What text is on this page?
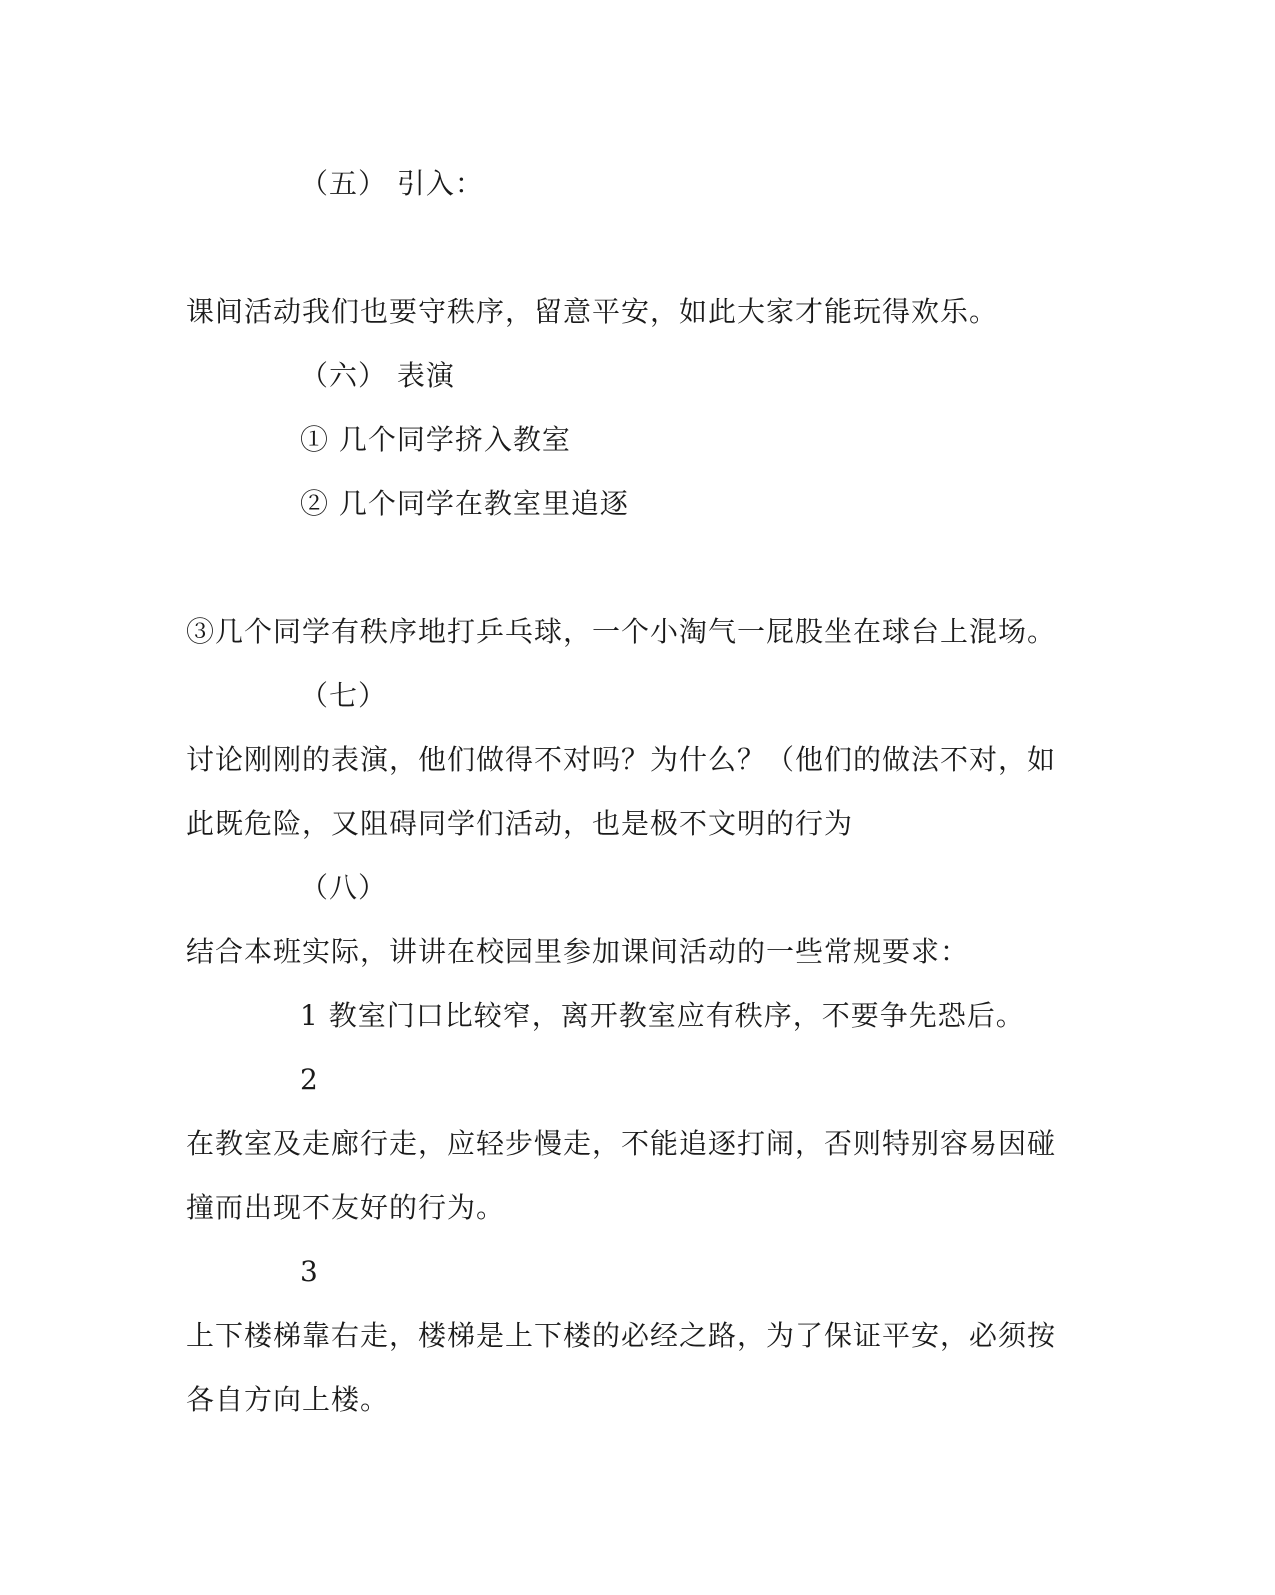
（五） 引入：
课间活动我们也要守秩序，留意平安，如此大家才能玩得欢乐。
（六） 表演
① 几个同学挤入教室
② 几个同学在教室里追逐
③几个同学有秩序地打乒乓球，一个小淘气一屁股坐在球台上混场。
（七）
讨论刚刚的表演，他们做得不对吗？为什么？（他们的做法不对，如
此既危险，又阻碍同学们活动，也是极不文明的行为
（八）
结合本班实际，讲讲在校园里参加课间活动的一些常规要求：
1 教室门口比较窄，离开教室应有秩序，不要争先恐后。
2
在教室及走廊行走，应轻步慢走，不能追逐打闹，否则特别容易因碰
撞而出现不友好的行为。
3
上下楼梯靠右走，楼梯是上下楼的必经之路，为了保证平安，必须按
各自方向上楼。
